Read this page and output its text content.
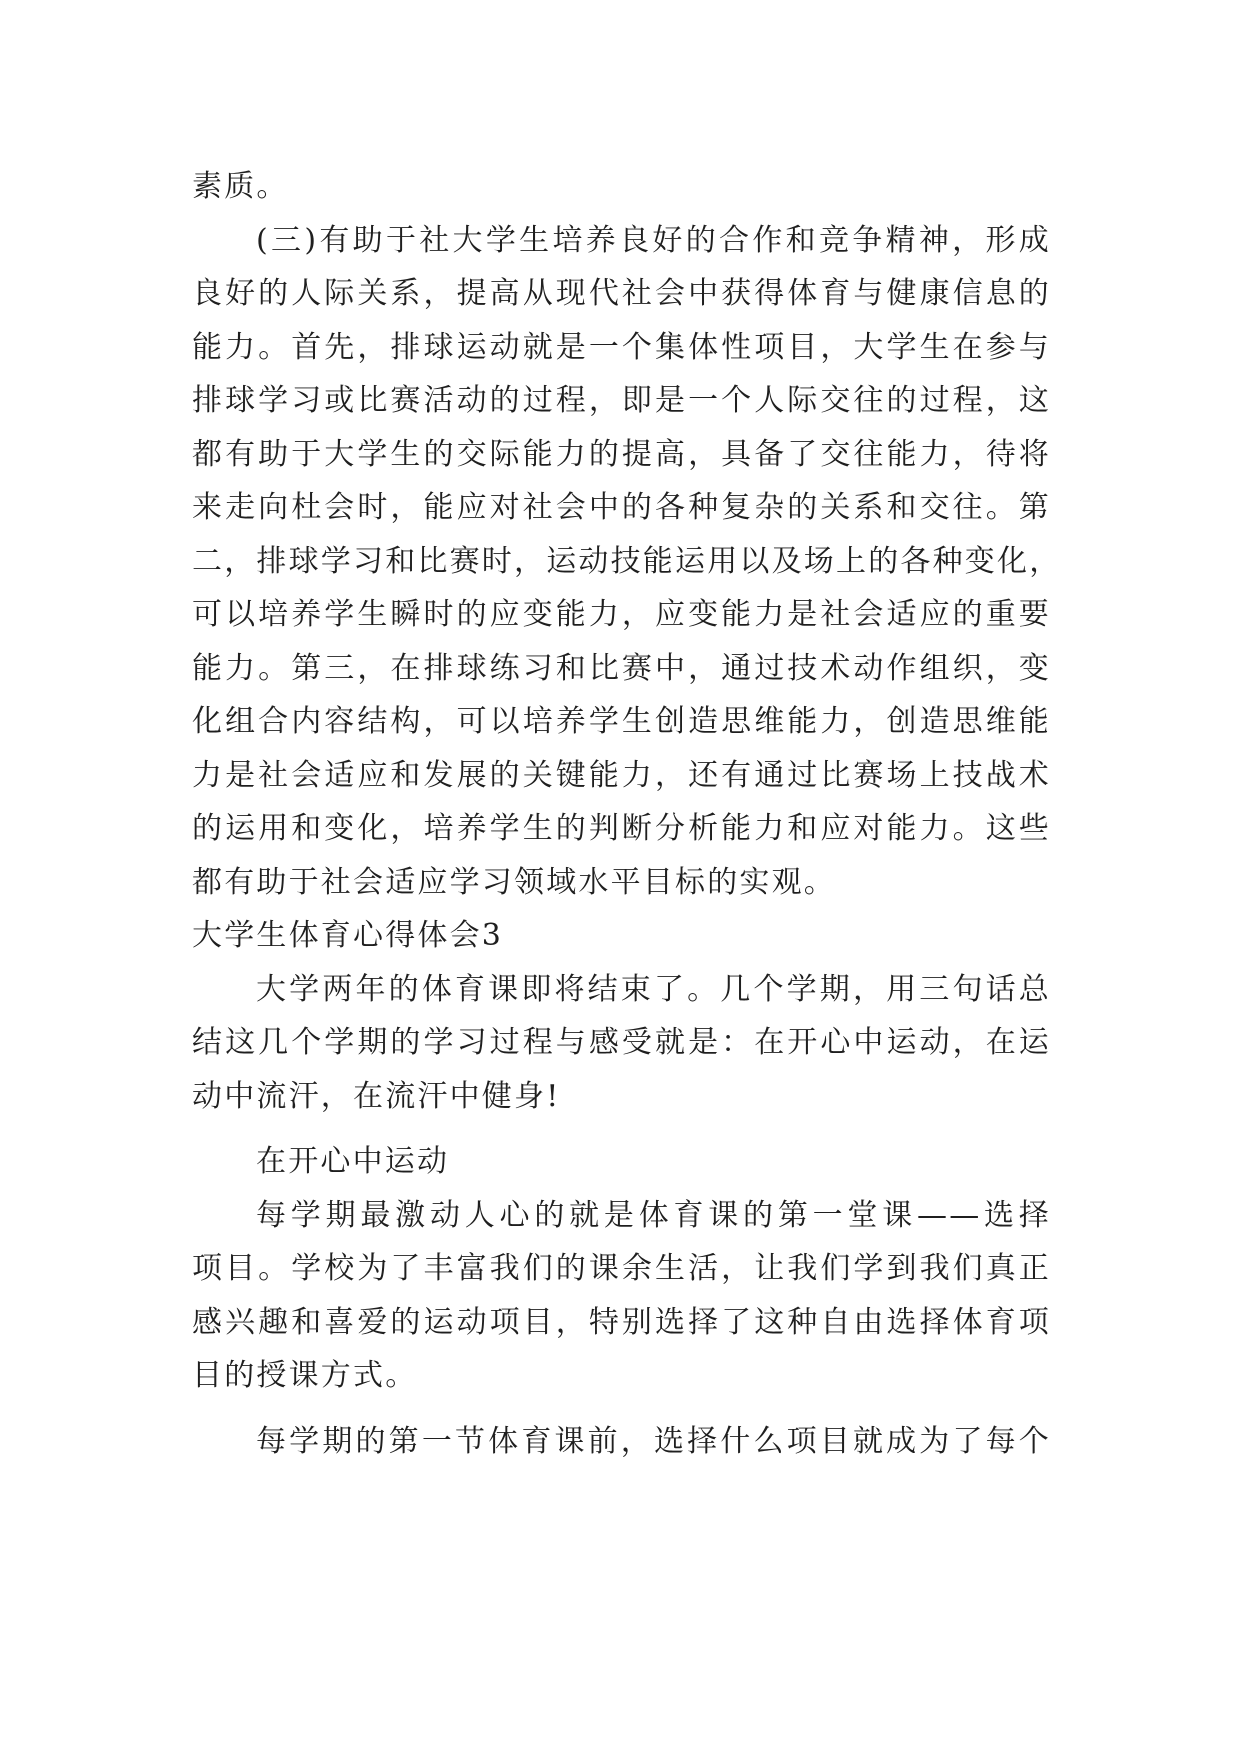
素质。
(三)有助于社大学生培养良好的合作和竞争精神，形成
良好的人际关系，提高从现代社会中获得体育与健康信息的
能力。首先，排球运动就是一个集体性项目，大学生在参与
排球学习或比赛活动的过程，即是一个人际交往的过程，这
都有助于大学生的交际能力的提高，具备了交往能力，待将
来走向杜会时，能应对社会中的各种复杂的关系和交往。第
二，排球学习和比赛时，运动技能运用以及场上的各种变化，
可以培养学生瞬时的应变能力，应变能力是社会适应的重要
能力。第三，在排球练习和比赛中，通过技术动作组织，变
化组合内容结构，可以培养学生创造思维能力，创造思维能
力是社会适应和发展的关键能力，还有通过比赛场上技战术
的运用和变化，培养学生的判断分析能力和应对能力。这些
都有助于社会适应学习领域水平目标的实观。
大学生体育心得体会3
大学两年的体育课即将结束了。几个学期，用三句话总
结这几个学期的学习过程与感受就是：在开心中运动，在运
动中流汗，在流汗中健身!
在开心中运动
每学期最激动人心的就是体育课的第一堂课——选择
项目。学校为了丰富我们的课余生活，让我们学到我们真正
感兴趣和喜爱的运动项目，特别选择了这种自由选择体育项
目的授课方式。
每学期的第一节体育课前，选择什么项目就成为了每个
